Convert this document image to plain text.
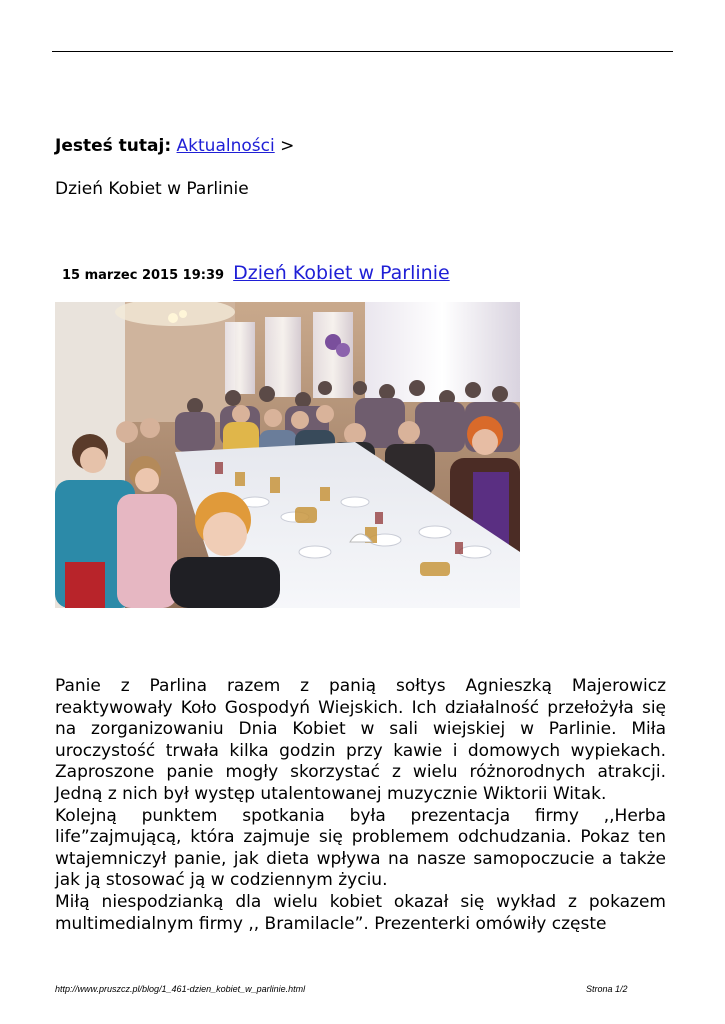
Jesteś tutaj: Aktualności >
Dzień Kobiet w Parlinie
15 marzec 2015 19:39 Dzień Kobiet w Parlinie

Panie z Parlina razem z panią sołtys Agnieszką Majerowicz reaktywowały Koło Gospodyń Wiejskich. Ich działalność przełożyła się na zorganizowaniu Dnia Kobiet w sali wiejskiej w Parlinie. Miła uroczystość trwała kilka godzin przy kawie i domowych wypiekach. Zaproszone panie mogły skorzystać z wielu różnorodnych atrakcji. Jedną z nich był występ utalentowanej muzycznie Wiktorii Witak.

Kolejną punktem spotkania była prezentacja firmy ,,Herba life”zajmującą, która zajmuje się problemem odchudzania. Pokaz ten wtajemniczył panie, jak dieta wpływa na nasze samopoczucie a także jak ją stosować ją w codziennym życiu.

Miłą niespodzianką dla wielu kobiet okazał się wykład z pokazem multimedialnym firmy ,, Bramilacle”. Prezenterki omówiły częste

http://www.pruszcz.pl/blog/1_461-dzien_kobiet_w_parlinie.html	Strona 1/2
